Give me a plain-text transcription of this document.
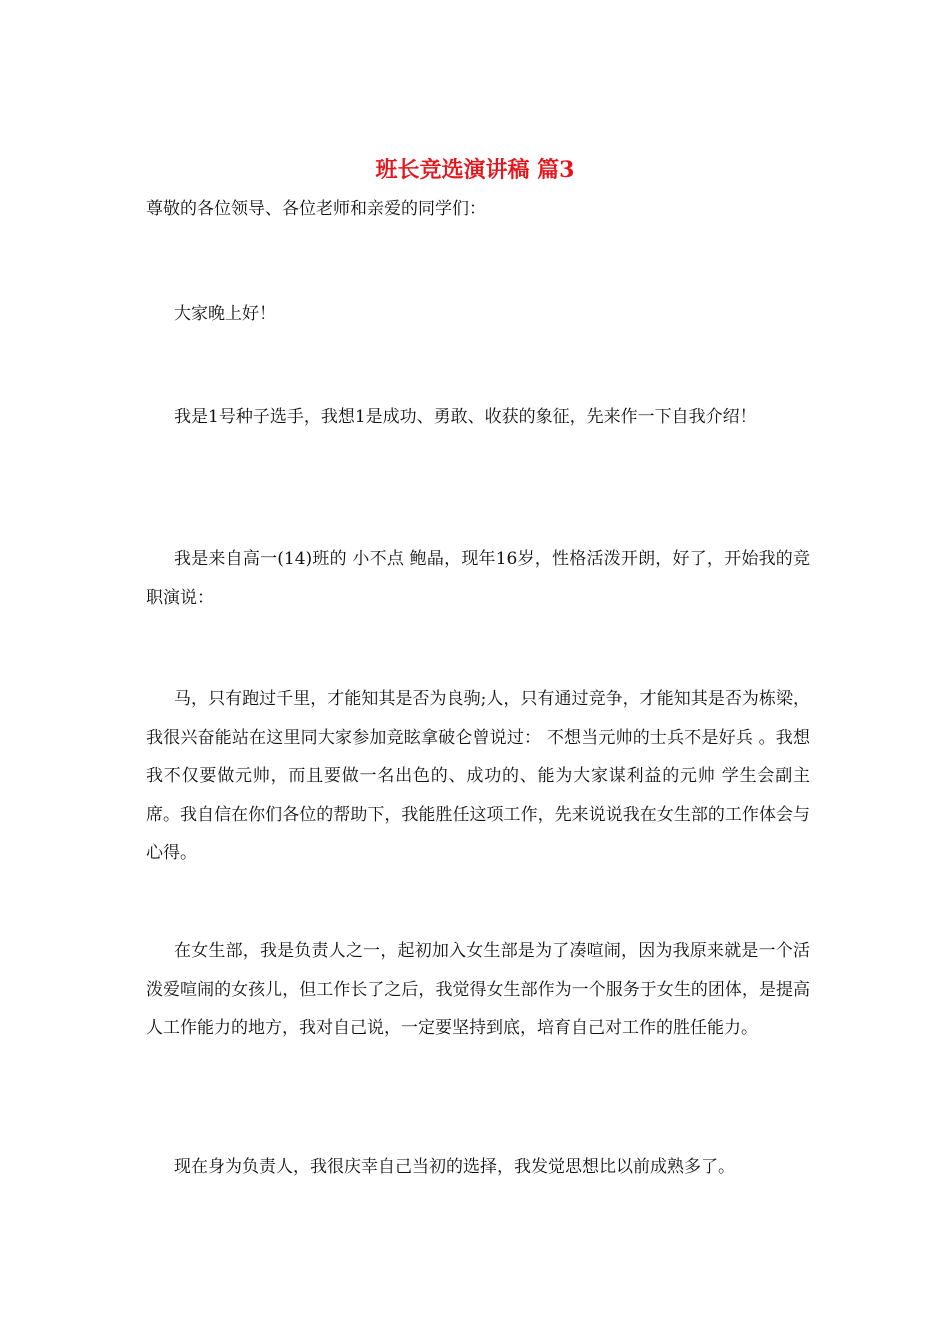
班长竞选演讲稿 篇3

尊敬的各位领导、各位老师和亲爱的同学们：

大家晚上好！

我是1号种子选手，我想1是成功、勇敢、收获的象征，先来作一下自我介绍！

我是来自高一(14)班的 小不点 鲍晶，现年16岁，性格活泼开朗，好了，开始我的竞职演说：

马，只有跑过千里，才能知其是否为良驹;人，只有通过竞争，才能知其是否为栋梁，我很兴奋能站在这里同大家参加竞眩拿破仑曾说过： 不想当元帅的士兵不是好兵 。我想我不仅要做元帅，而且要做一名出色的、成功的、能为大家谋利益的元帅 学生会副主席。我自信在你们各位的帮助下，我能胜任这项工作，先来说说我在女生部的工作体会与心得。

在女生部，我是负责人之一，起初加入女生部是为了凑喧闹，因为我原来就是一个活泼爱喧闹的女孩儿，但工作长了之后，我觉得女生部作为一个服务于女生的团体，是提高人工作能力的地方，我对自己说，一定要坚持到底，培育自己对工作的胜任能力。

现在身为负责人，我很庆幸自己当初的选择，我发觉思想比以前成熟多了。
